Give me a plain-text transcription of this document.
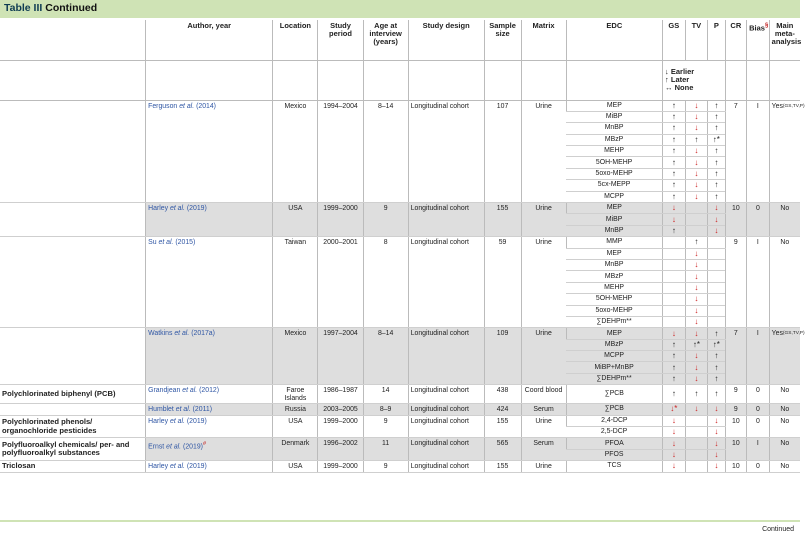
Table III Continued
	Author, year	Location	Study period	Age at interview (years)	Study design	Sample size	Matrix	EDC	GS	TV	P	CR	Bias§	Main meta-analysis

									↓ Earlier
↑ Later
↔ None					

	Ferguson et al. (2014)	Mexico	1994–2004	8–14	Longitudinal cohort	107	Urine	MEP	↑	↓	↑	7	I	Yes$^{(GS,TV,P)}$
								MiBP	↑	↓	↑			
								MnBP	↑	↓	↑			
								MBzP	↑	↑	↑*			
								MEHP	↑	↓	↑			
								5OH-MEHP	↑	↓	↑			
								5oxo-MEHP	↑	↓	↑			
								5cx-MEPP	↑	↓	↑			
								MCPP	↑	↓	↑			
	Harley et al. (2019)	USA	1999–2000	9	Longitudinal cohort	155	Urine	MEP	↓		↓	10	0	No
								MiBP	↓		↓			
								MnBP	↑		↓			
	Su et al. (2015)	Taiwan	2000–2001	8	Longitudinal cohort	59	Urine	MMP		↑		9	I	No
								MEP		↓				
								MnBP		↓				
								MBzP		↓				
								MEHP		↓				
								5OH-MEHP		↓				
								5oxo-MEHP		↓				
								∑DEHPm**		↓				
	Watkins et al. (2017a)	Mexico	1997–2004	8–14	Longitudinal cohort	109	Urine	MEP	↓	↓	↑	7	I	Yes$^{(GS,TV,P)}$
								MBzP	↑	↑*	↑*			
								MCPP	↑	↓	↑			
								MiBP+MnBP	↑	↓	↑			
								∑DEHPm**	↑	↓	↑			
Polychlorinated biphenyl (PCB)	Grandjean et al. (2012)	Faroe Islands	1986–1987	14	Longitudinal cohort	438	Coord blood	∑PCB	↑	↑	↑	9	0	No
	Humblet et al. (2011)	Russia	2003–2005	8–9	Longitudinal cohort	424	Serum	∑PCB	↓*	↓	↓	9	0	No
Polychlorinated phenols/ organochloride pesticides	Harley et al. (2019)	USA	1999–2000	9	Longitudinal cohort	155	Urine	2,4-DCP	↓		↓	10	0	No
								2,5-DCP	↓		↓			
Polyfluoroalkyl chemicals/ per- and polyfluoroalkyl substances	Ernst et al. (2019)#	Denmark	1996–2002	11	Longitudinal cohort	565	Serum	PFOA	↓		↓	10	I	No
								PFOS	↓		↓			
Triclosan	Harley et al. (2019)	USA	1999–2000	9	Longitudinal cohort	155	Urine	TCS	↓		↓	10	0	No
Continued
